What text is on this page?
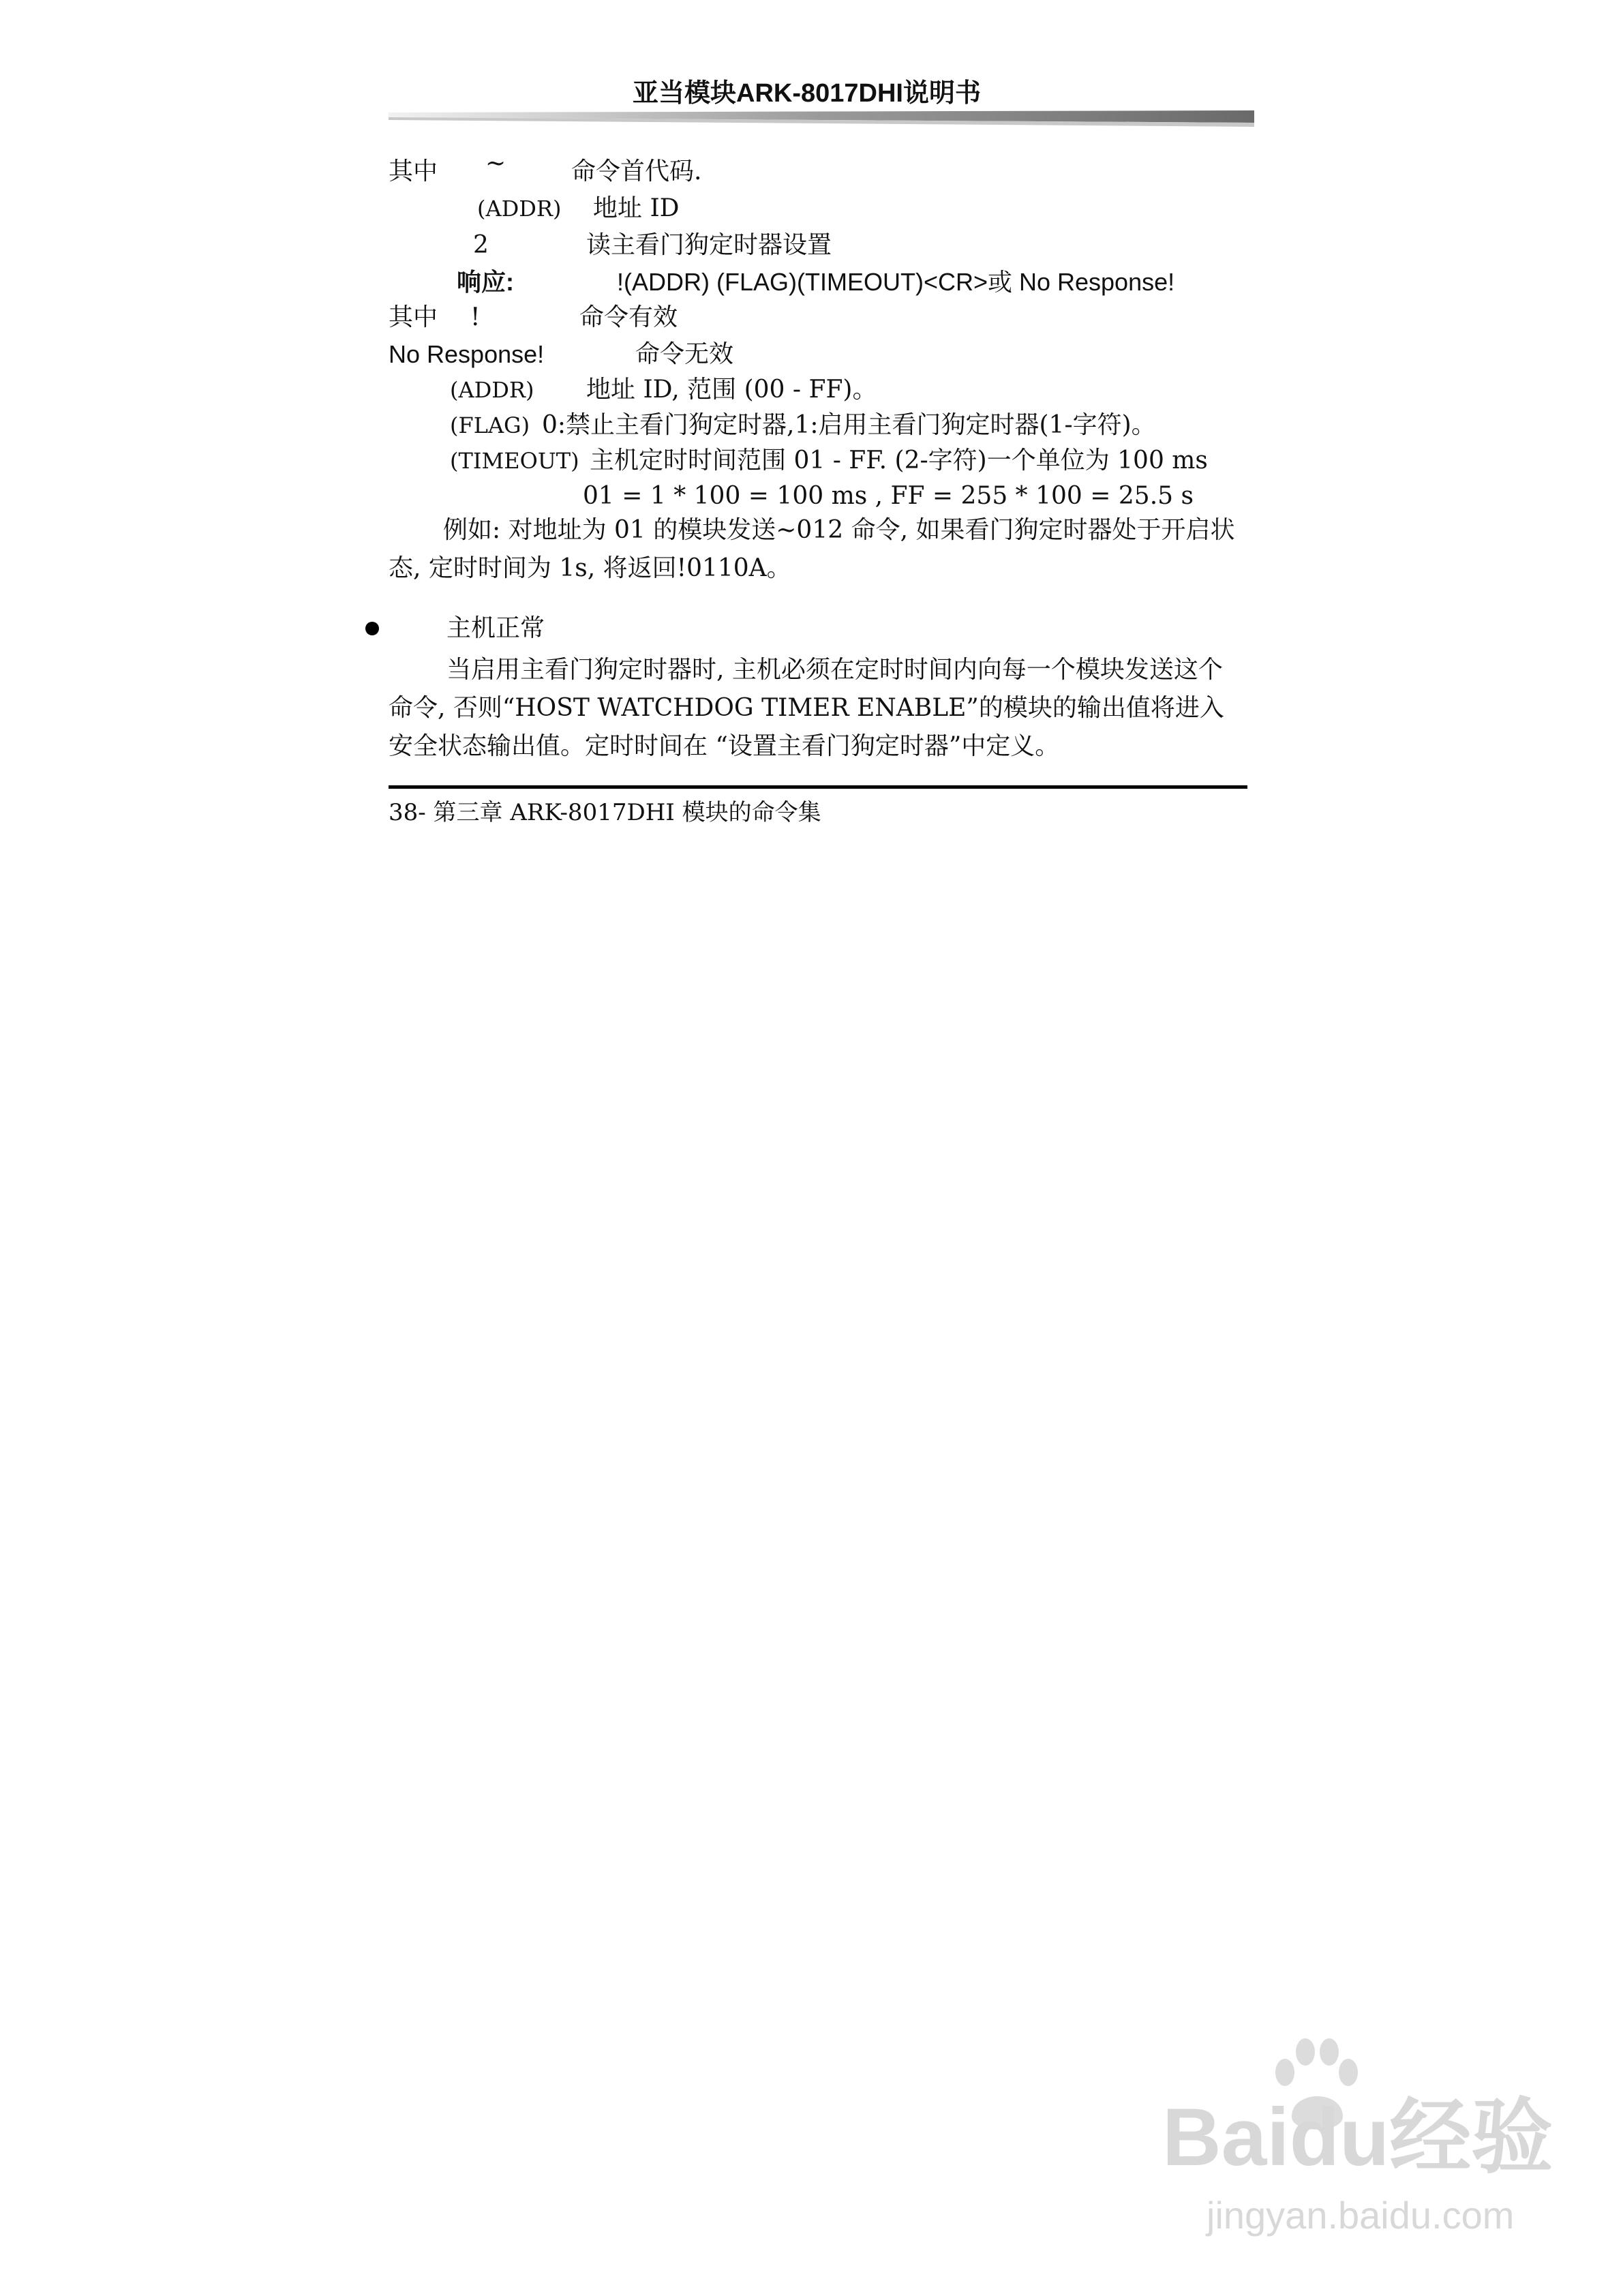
亚当模块ARK-8017DHI说明书
其中 ~	命令首代码.
(ADDR) 地址 ID
2	读主看门狗定时器设置
响应:	!(ADDR) (FLAG)(TIMEOUT)<CR>或 No Response!
其中 !	命令有效
No Response!	命令无效
(ADDR) 地址 ID, 范围 (00 - FF)。
(FLAG) 0:禁止主看门狗定时器,1:启用主看门狗定时器(1-字符)。
(TIMEOUT) 主机定时时间范围 01 - FF. (2-字符)一个单位为 100 ms
01 = 1 * 100 = 100 ms , FF = 255 * 100 = 25.5 s
例如: 对地址为 01 的模块发送~012 命令, 如果看门狗定时器处于开启状态, 定时时间为 1s, 将返回!0110A。
主机正常
当启用主看门狗定时器时, 主机必须在定时时间内向每一个模块发送这个命令, 否则“HOST WATCHDOG TIMER ENABLE”的模块的输出值将进入安全状态输出值。定时时间在 “设置主看门狗定时器”中定义。
38- 第三章 ARK-8017DHI 模块的命令集
Baidu经验
jingyan.baidu.com
